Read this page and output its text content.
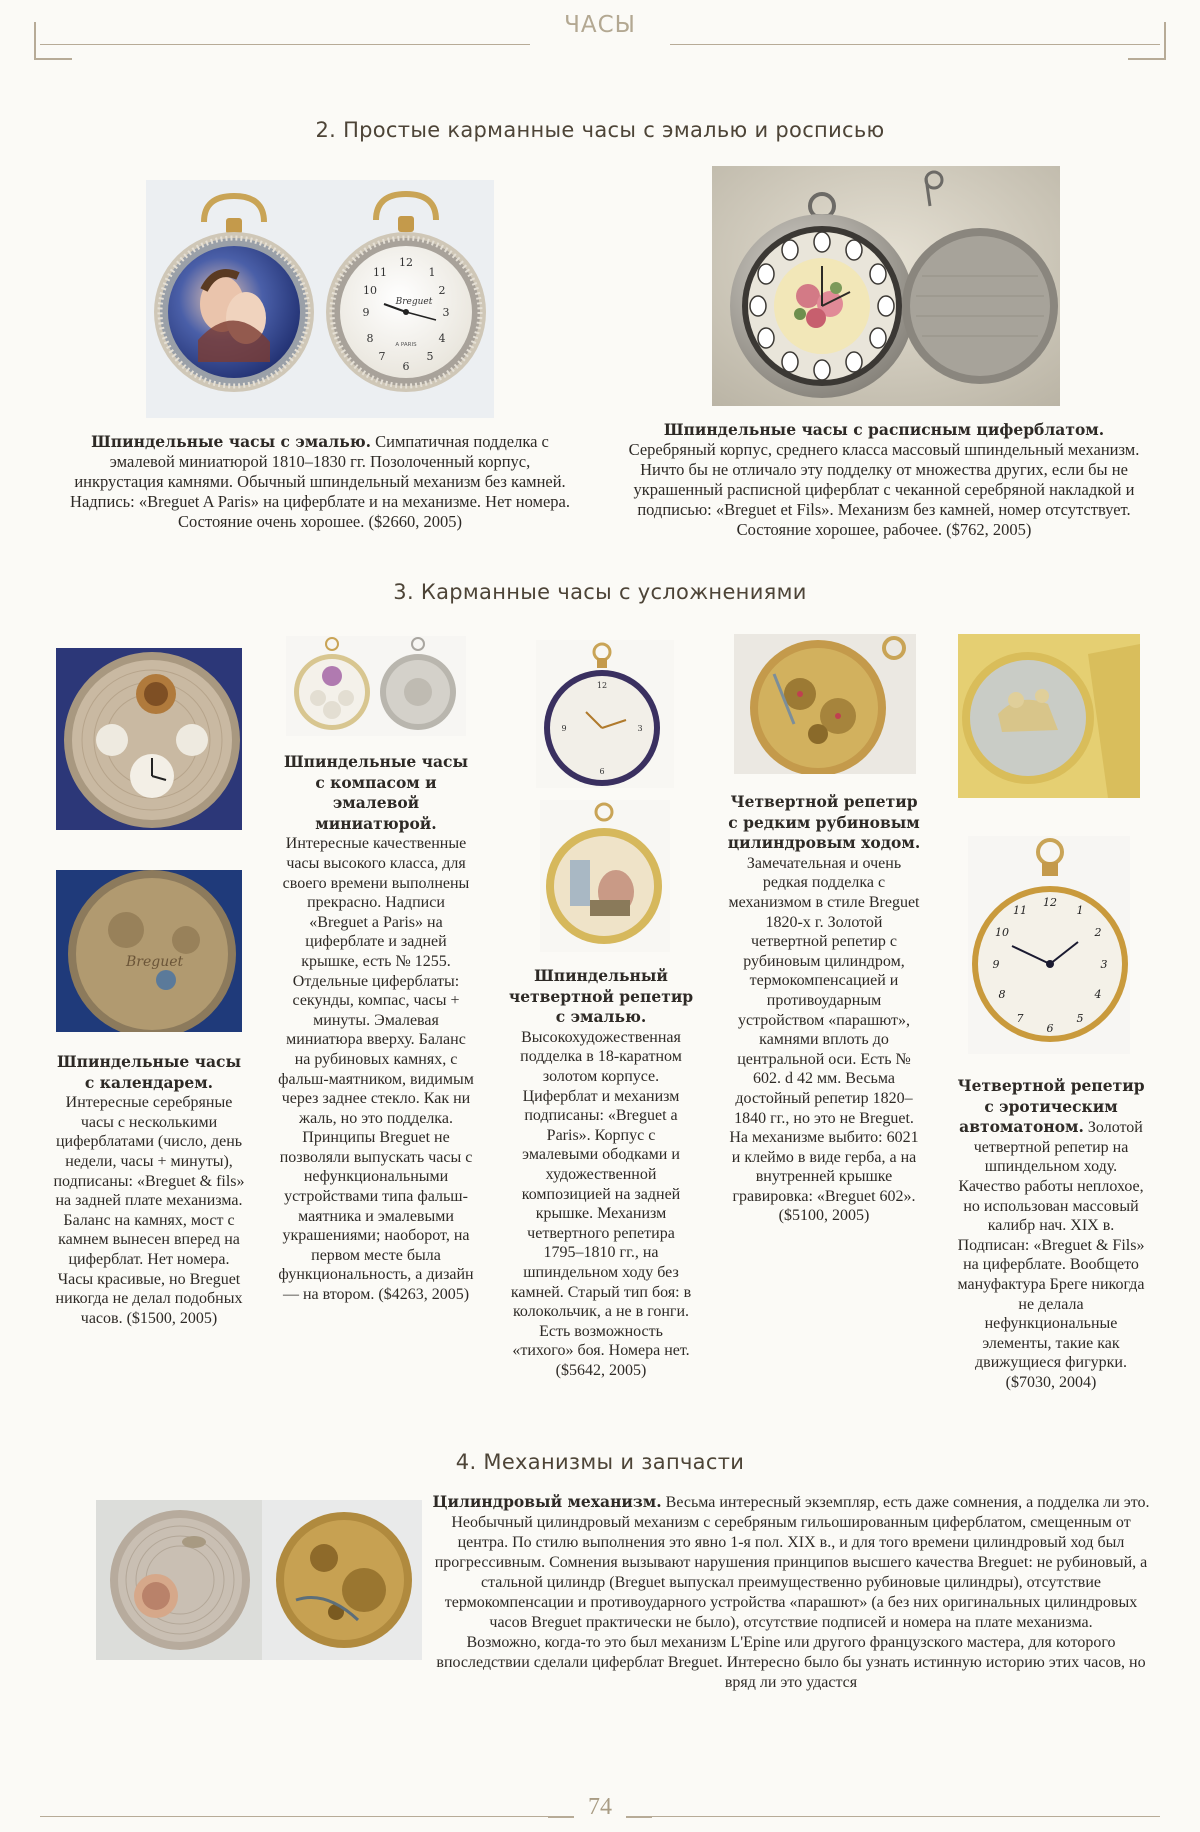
ЧАСЫ
2. Простые карманные часы с эмалью и росписью
12
3
6
9
1
2
4
5
7
8
10
11
Breguet
A PARIS
Шпиндельные часы с эмалью. Симпатичная подделка с эмалевой миниатюрой 1810–1830 гг. Позолоченный корпус, инкрустация камнями. Обычный шпиндельный механизм без камней. Надпись: «Breguet A Paris» на циферблате и на механизме. Нет номера. Состояние очень хорошее. ($2660, 2005)
Шпиндельные часы с расписным циферблатом. Серебряный корпус, среднего класса массовый шпиндельный механизм. Ничто бы не отличало эту подделку от множества других, если бы не украшенный расписной циферблат с чеканной серебряной накладкой и подписью: «Breguet et Fils». Механизм без камней, номер отсутствует. Состояние хорошее, рабочее. ($762, 2005)
3. Карманные часы с усложнениями
Breguet
Шпиндельные часы с календарем. Интересные серебряные часы с несколькими циферблатами (число, день недели, часы + минуты), подписаны: «Breguet & fils» на задней плате механизма. Баланс на камнях, мост с камнем вынесен вперед на циферблат. Нет номера. Часы красивые, но Breguet никогда не делал подобных часов. ($1500, 2005)
Шпиндельные часы с компасом и эмалевой миниатюрой. Интересные качественные часы высокого класса, для своего времени выполнены прекрасно. Надписи «Breguet a Paris» на циферблате и задней крышке, есть № 1255. Отдельные циферблаты: секунды, компас, часы + минуты. Эмалевая миниатюра вверху. Баланс на рубиновых камнях, с фальш-маятником, видимым через заднее стекло. Как ни жаль, но это подделка. Принципы Breguet не позволяли выпускать часы с нефункциональными устройствами типа фальш-маятника и эмалевыми украшениями; наоборот, на первом месте была функциональность, а дизайн — на втором. ($4263, 2005)
12
3
6
9
Шпиндельный четвертной репетир с эмалью. Высокохудожественная подделка в 18-каратном золотом корпусе. Циферблат и механизм подписаны: «Breguet a Paris». Корпус с эмалевыми ободками и художественной композицией на задней крышке. Механизм четвертного репетира 1795–1810 гг., на шпиндельном ходу без камней. Старый тип боя: в колокольчик, а не в гонги. Есть возможность «тихого» боя. Номера нет. ($5642, 2005)
Четвертной репетир с редким рубиновым цилиндровым ходом. Замечательная и очень редкая подделка с механизмом в стиле Breguet 1820-х г. Золотой четвертной репетир с рубиновым цилиндром, термокомпенсацией и противоударным устройством «парашют», камнями вплоть до центральной оси. Есть № 602. d 42 мм. Весьма достойный репетир 1820–1840 гг., но это не Breguet. На механизме выбито: 6021 и клеймо в виде герба, а на внутренней крышке гравировка: «Breguet 602». ($5100, 2005)
12
3
6
9
1
2
4
5
7
8
10
11
Четвертной репетир с эротическим автоматоном. Золотой четвертной репетир на шпиндельном ходу. Качество работы неплохое, но использован массовый калибр нач. XIX в. Подписан: «Breguet & Fils» на циферблате. Вообщето мануфактура Бреге никогда не делала нефункциональные элементы, такие как движущиеся фигурки. ($7030, 2004)
4. Механизмы и запчасти
Цилиндровый механизм. Весьма интересный экземпляр, есть даже сомнения, а подделка ли это. Необычный цилиндровый механизм с серебряным гильошированным циферблатом, смещенным от центра. По стилю выполнения это явно 1-я пол. XIX в., и для того времени цилиндровый ход был прогрессивным. Сомнения вызывают нарушения принципов высшего качества Breguet: не рубиновый, а стальной цилиндр (Breguet выпускал преимущественно рубиновые цилиндры), отсутствие термокомпенсации и противоударного устройства «парашют» (а без них оригинальных цилиндровых часов Breguet практически не было), отсутствие подписей и номера на плате механизма.
Возможно, когда-то это был механизм L'Epine или другого французского мастера, для которого впоследствии сделали циферблат Breguet. Интересно было бы узнать истинную историю этих часов, но вряд ли это удастся
74
